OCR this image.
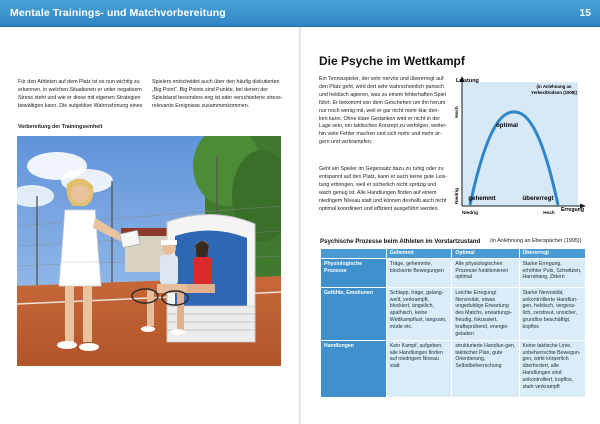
Mentale Trainings- und Matchvorbereitung	15
Für den Athleten auf dem Platz ist es nun wichtig zu
erkennen, in welchen Situationen er unter negativem
Stress steht und wie er diese mit eigenen Strategien
bewältigen kann. Die subjektive Wahrnehmung eines
Spielers entscheidet auch über den häufig diskutierten
„Big Point“. Big Points sind Punkte, bei denen der
Spielstand besonders eng ist oder verschiedene stress-
relevante Ereignisse zusammenkommen.
Vorbereitung der Trainingseinheit
Die Psyche im Wettkampf
Ein Tennisspieler, der sehr nervös und übererregt auf
den Platz geht, wird dort sehr wahrscheinlich panisch
und hektisch agieren, was zu einem fehlerhaften Spiel
führt. Er bekommt von dem Geschehen um ihn herum
nur noch wenig mit, weil er gar nicht mehr klar den-
ken kann. Ohne klare Gedanken wird er nicht in der
Lage sein, ein taktisches Konzept zu verfolgen, weiter-
hin viele Fehler machen und sich mehr und mehr är-
gern und verkrampfen.
Geht ein Spieler im Gegensatz dazu zu ruhig oder zu
entspannt auf den Platz, kann er auch keine gute Leis-
tung erbringen, weil er sicherlich nicht spritzig und
wach genug ist. Alle Handlungen finden auf einem
niedrigem Niveau statt und können deshalb auch nicht
optimal koordiniert und effizient ausgeführt werden.
Leistung
(in Anlehnung an
Yerkes/Dodson (1908))
Hoch
Niedrig
Niedrig	Hoch Erregung
optimal
gehemmt	übererregt
Psychische Prozesse beim Athleten im Vorstartzustand (in Anlehnung an Eberspächer (1995))
	Gehemmt	Optimal	Übererregt
Physiologische Prozesse	Träge, gehemmte, blockierte Bewegungen	Alle physiologischen Prozesse funktionieren optimal	Starke Erregung, erhöhter Puls, Schwitzen, Harndrang, Zittern
Gefühle, Emotionen	Schlapp, träge, gelang-weilt, verkrampft, blockiert, ängstlich, apathisch, keine Wettkampflust, langsam, müde etc.	Leichte Erregung/ Nervosität, etwas ungeduldige Erwartung des Matchs, erwartungs-freudig, fokussiert, kraftsprühend, energie-geladen	Starke Nervosität, unkontrollierte Handlun-gen, hektisch, vergess-lich, zerstreut, unsicher, grundlos beschäftigt, kopflos
Handlungen	Kein Kampf, aufgeben, alle Handlungen finden auf niedrigem Niveau statt	strukturierte Handlun-gen, taktischer Plan, gute Orientierung, Selbstbeherrschung	Keine taktische Linie, unbeherrschte Bewegun-gen, wirkt körperlich überfordert, alle Handlungen sind unkontrolliert, kopflos, stark verkrampft
